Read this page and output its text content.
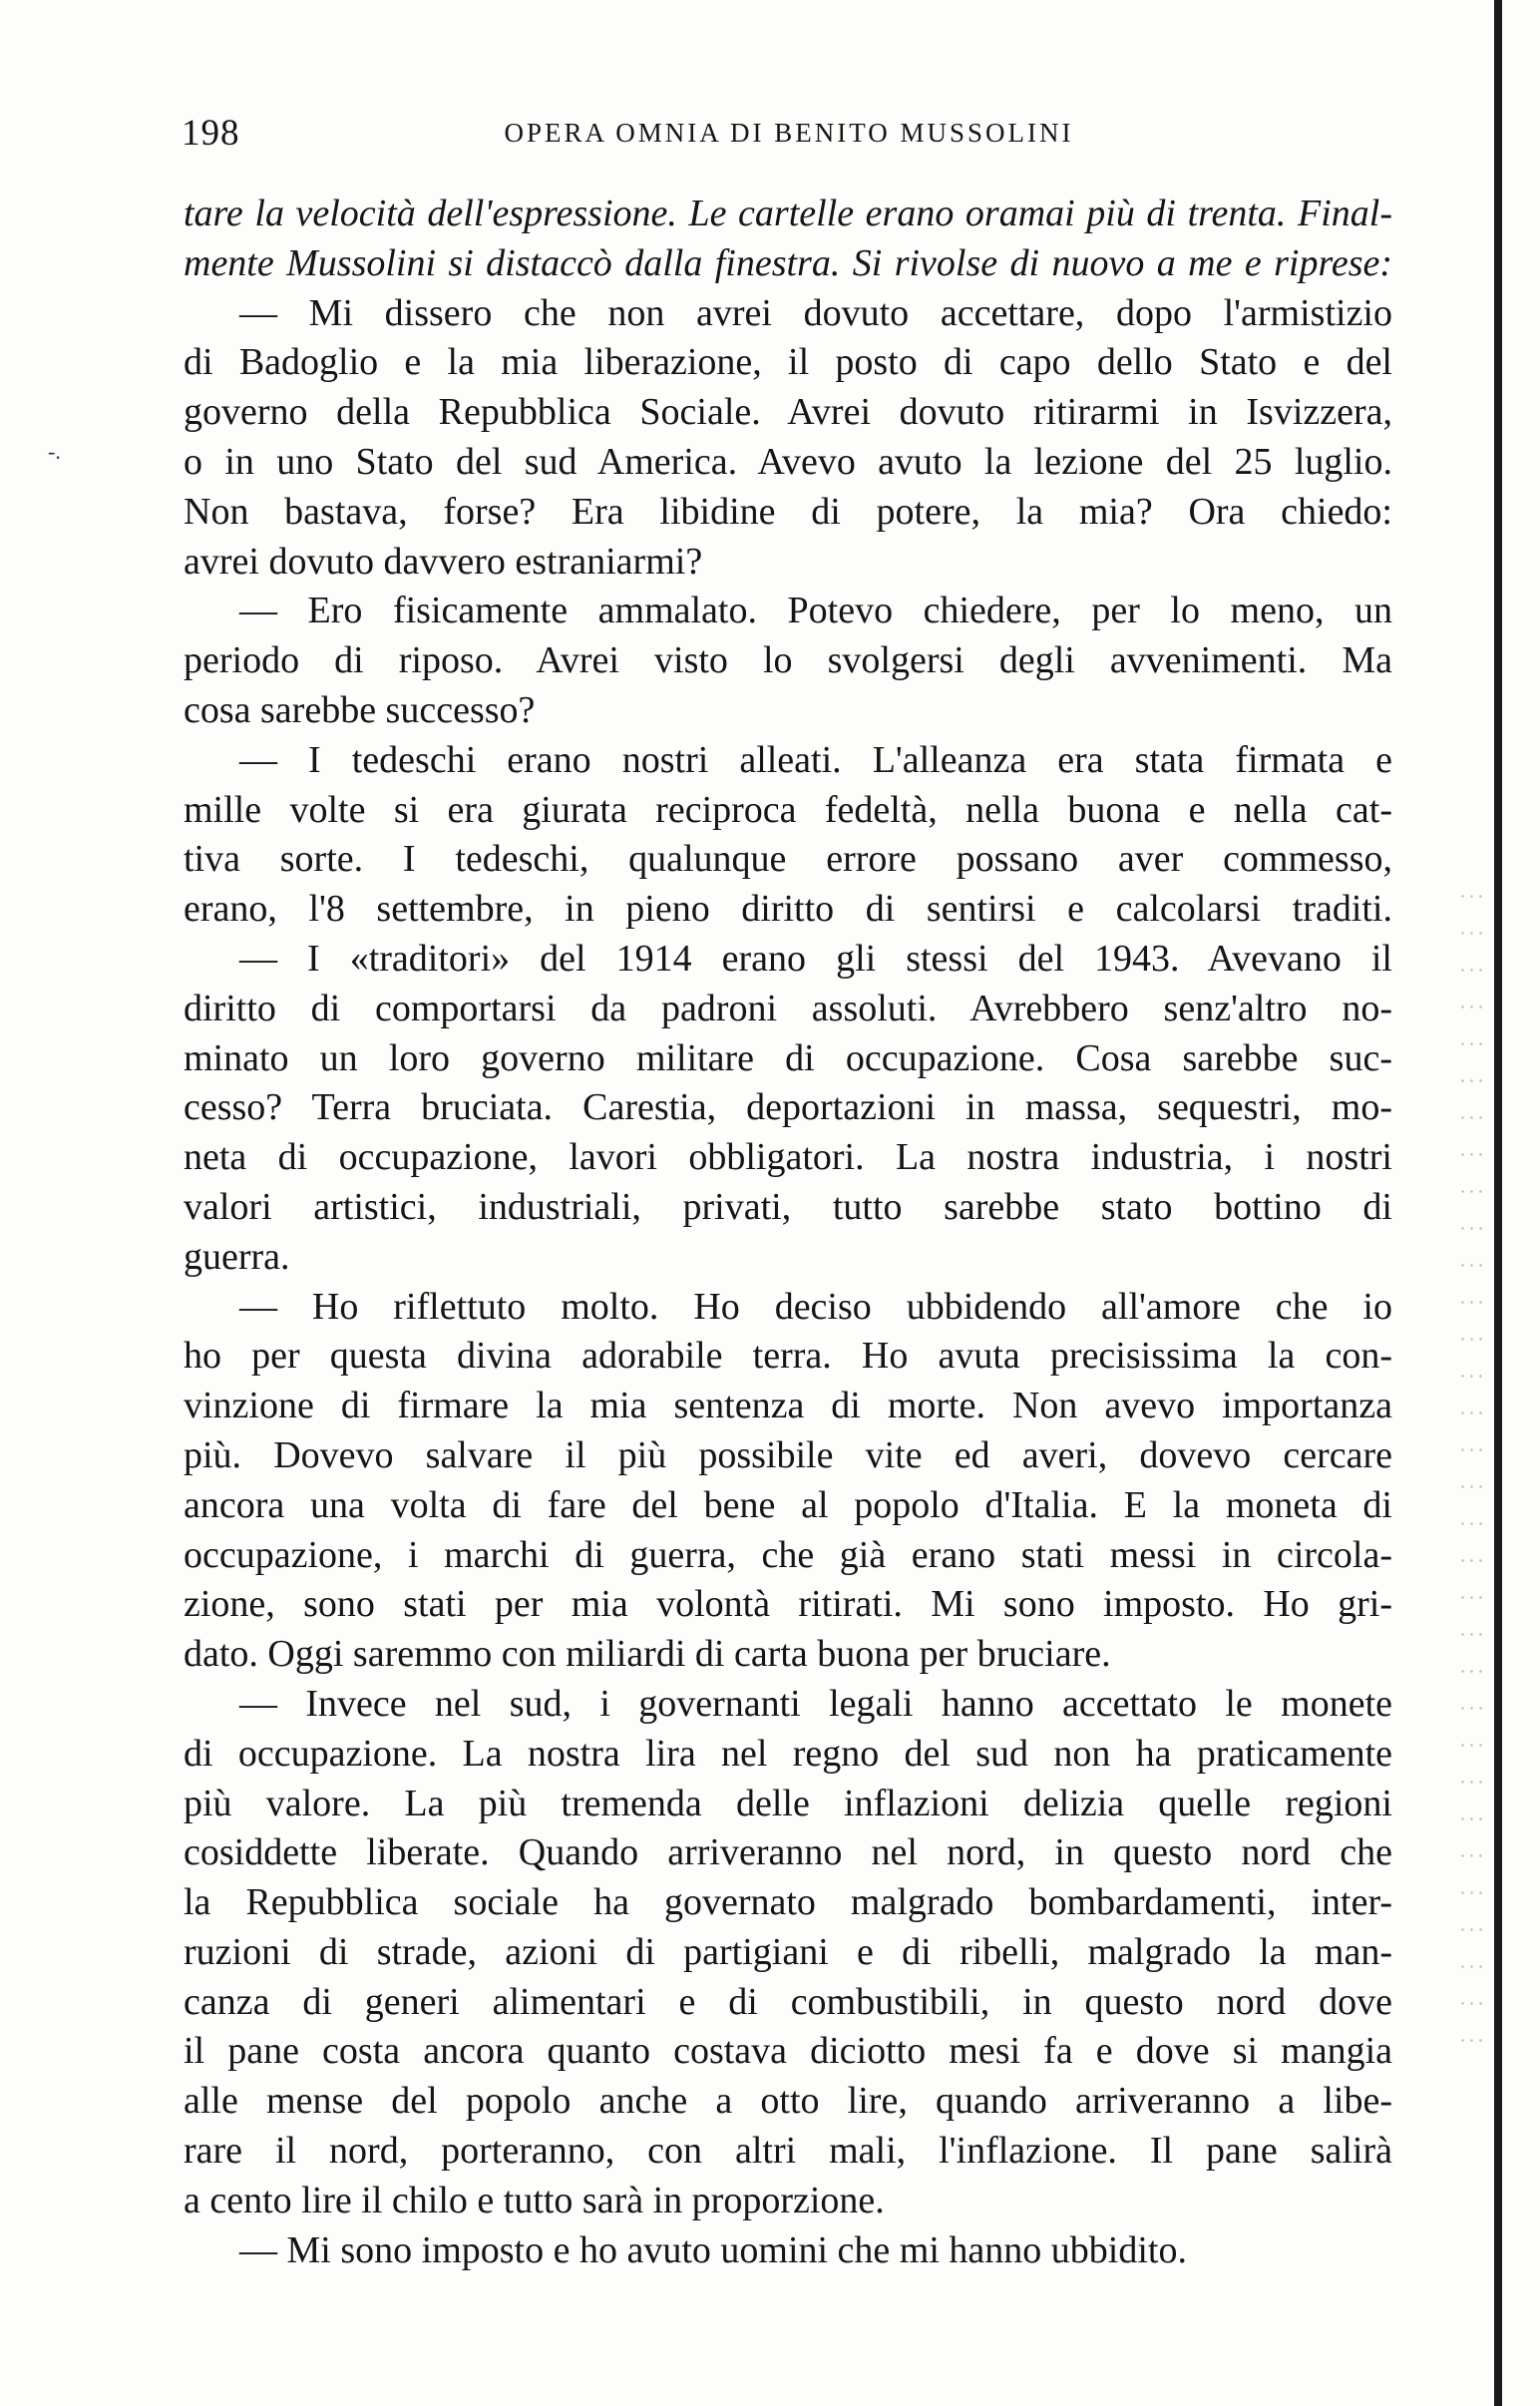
-.
198	OPERA OMNIA DI BENITO MUSSOLINI
tare la velocità dell'espressione. Le cartelle erano oramai più di trenta. Final-
mente Mussolini si distaccò dalla finestra. Si rivolse di nuovo a me e riprese:
— Mi dissero che non avrei dovuto accettare, dopo l'armistizio
di Badoglio e la mia liberazione, il posto di capo dello Stato e del
governo della Repubblica Sociale. Avrei dovuto ritirarmi in Isvizzera,
o in uno Stato del sud America. Avevo avuto la lezione del 25 luglio.
Non bastava, forse? Era libidine di potere, la mia? Ora chiedo:
avrei dovuto davvero estraniarmi?
— Ero fisicamente ammalato. Potevo chiedere, per lo meno, un
periodo di riposo. Avrei visto lo svolgersi degli avvenimenti. Ma
cosa sarebbe successo?
— I tedeschi erano nostri alleati. L'alleanza era stata firmata e
mille volte si era giurata reciproca fedeltà, nella buona e nella cat-
tiva sorte. I tedeschi, qualunque errore possano aver commesso,
erano, l'8 settembre, in pieno diritto di sentirsi e calcolarsi traditi.
— I «traditori» del 1914 erano gli stessi del 1943. Avevano il
diritto di comportarsi da padroni assoluti. Avrebbero senz'altro no-
minato un loro governo militare di occupazione. Cosa sarebbe suc-
cesso? Terra bruciata. Carestia, deportazioni in massa, sequestri, mo-
neta di occupazione, lavori obbligatori. La nostra industria, i nostri
valori artistici, industriali, privati, tutto sarebbe stato bottino di
guerra.
— Ho riflettuto molto. Ho deciso ubbidendo all'amore che io
ho per questa divina adorabile terra. Ho avuta precisissima la con-
vinzione di firmare la mia sentenza di morte. Non avevo importanza
più. Dovevo salvare il più possibile vite ed averi, dovevo cercare
ancora una volta di fare del bene al popolo d'Italia. E la moneta di
occupazione, i marchi di guerra, che già erano stati messi in circola-
zione, sono stati per mia volontà ritirati. Mi sono imposto. Ho gri-
dato. Oggi saremmo con miliardi di carta buona per bruciare.
— Invece nel sud, i governanti legali hanno accettato le monete
di occupazione. La nostra lira nel regno del sud non ha praticamente
più valore. La più tremenda delle inflazioni delizia quelle regioni
cosiddette liberate. Quando arriveranno nel nord, in questo nord che
la Repubblica sociale ha governato malgrado bombardamenti, inter-
ruzioni di strade, azioni di partigiani e di ribelli, malgrado la man-
canza di generi alimentari e di combustibili, in questo nord dove
il pane costa ancora quanto costava diciotto mesi fa e dove si mangia
alle mense del popolo anche a otto lire, quando arriveranno a libe-
rare il nord, porteranno, con altri mali, l'inflazione. Il pane salirà
a cento lire il chilo e tutto sarà in proporzione.
— Mi sono imposto e ho avuto uomini che mi hanno ubbidito.
